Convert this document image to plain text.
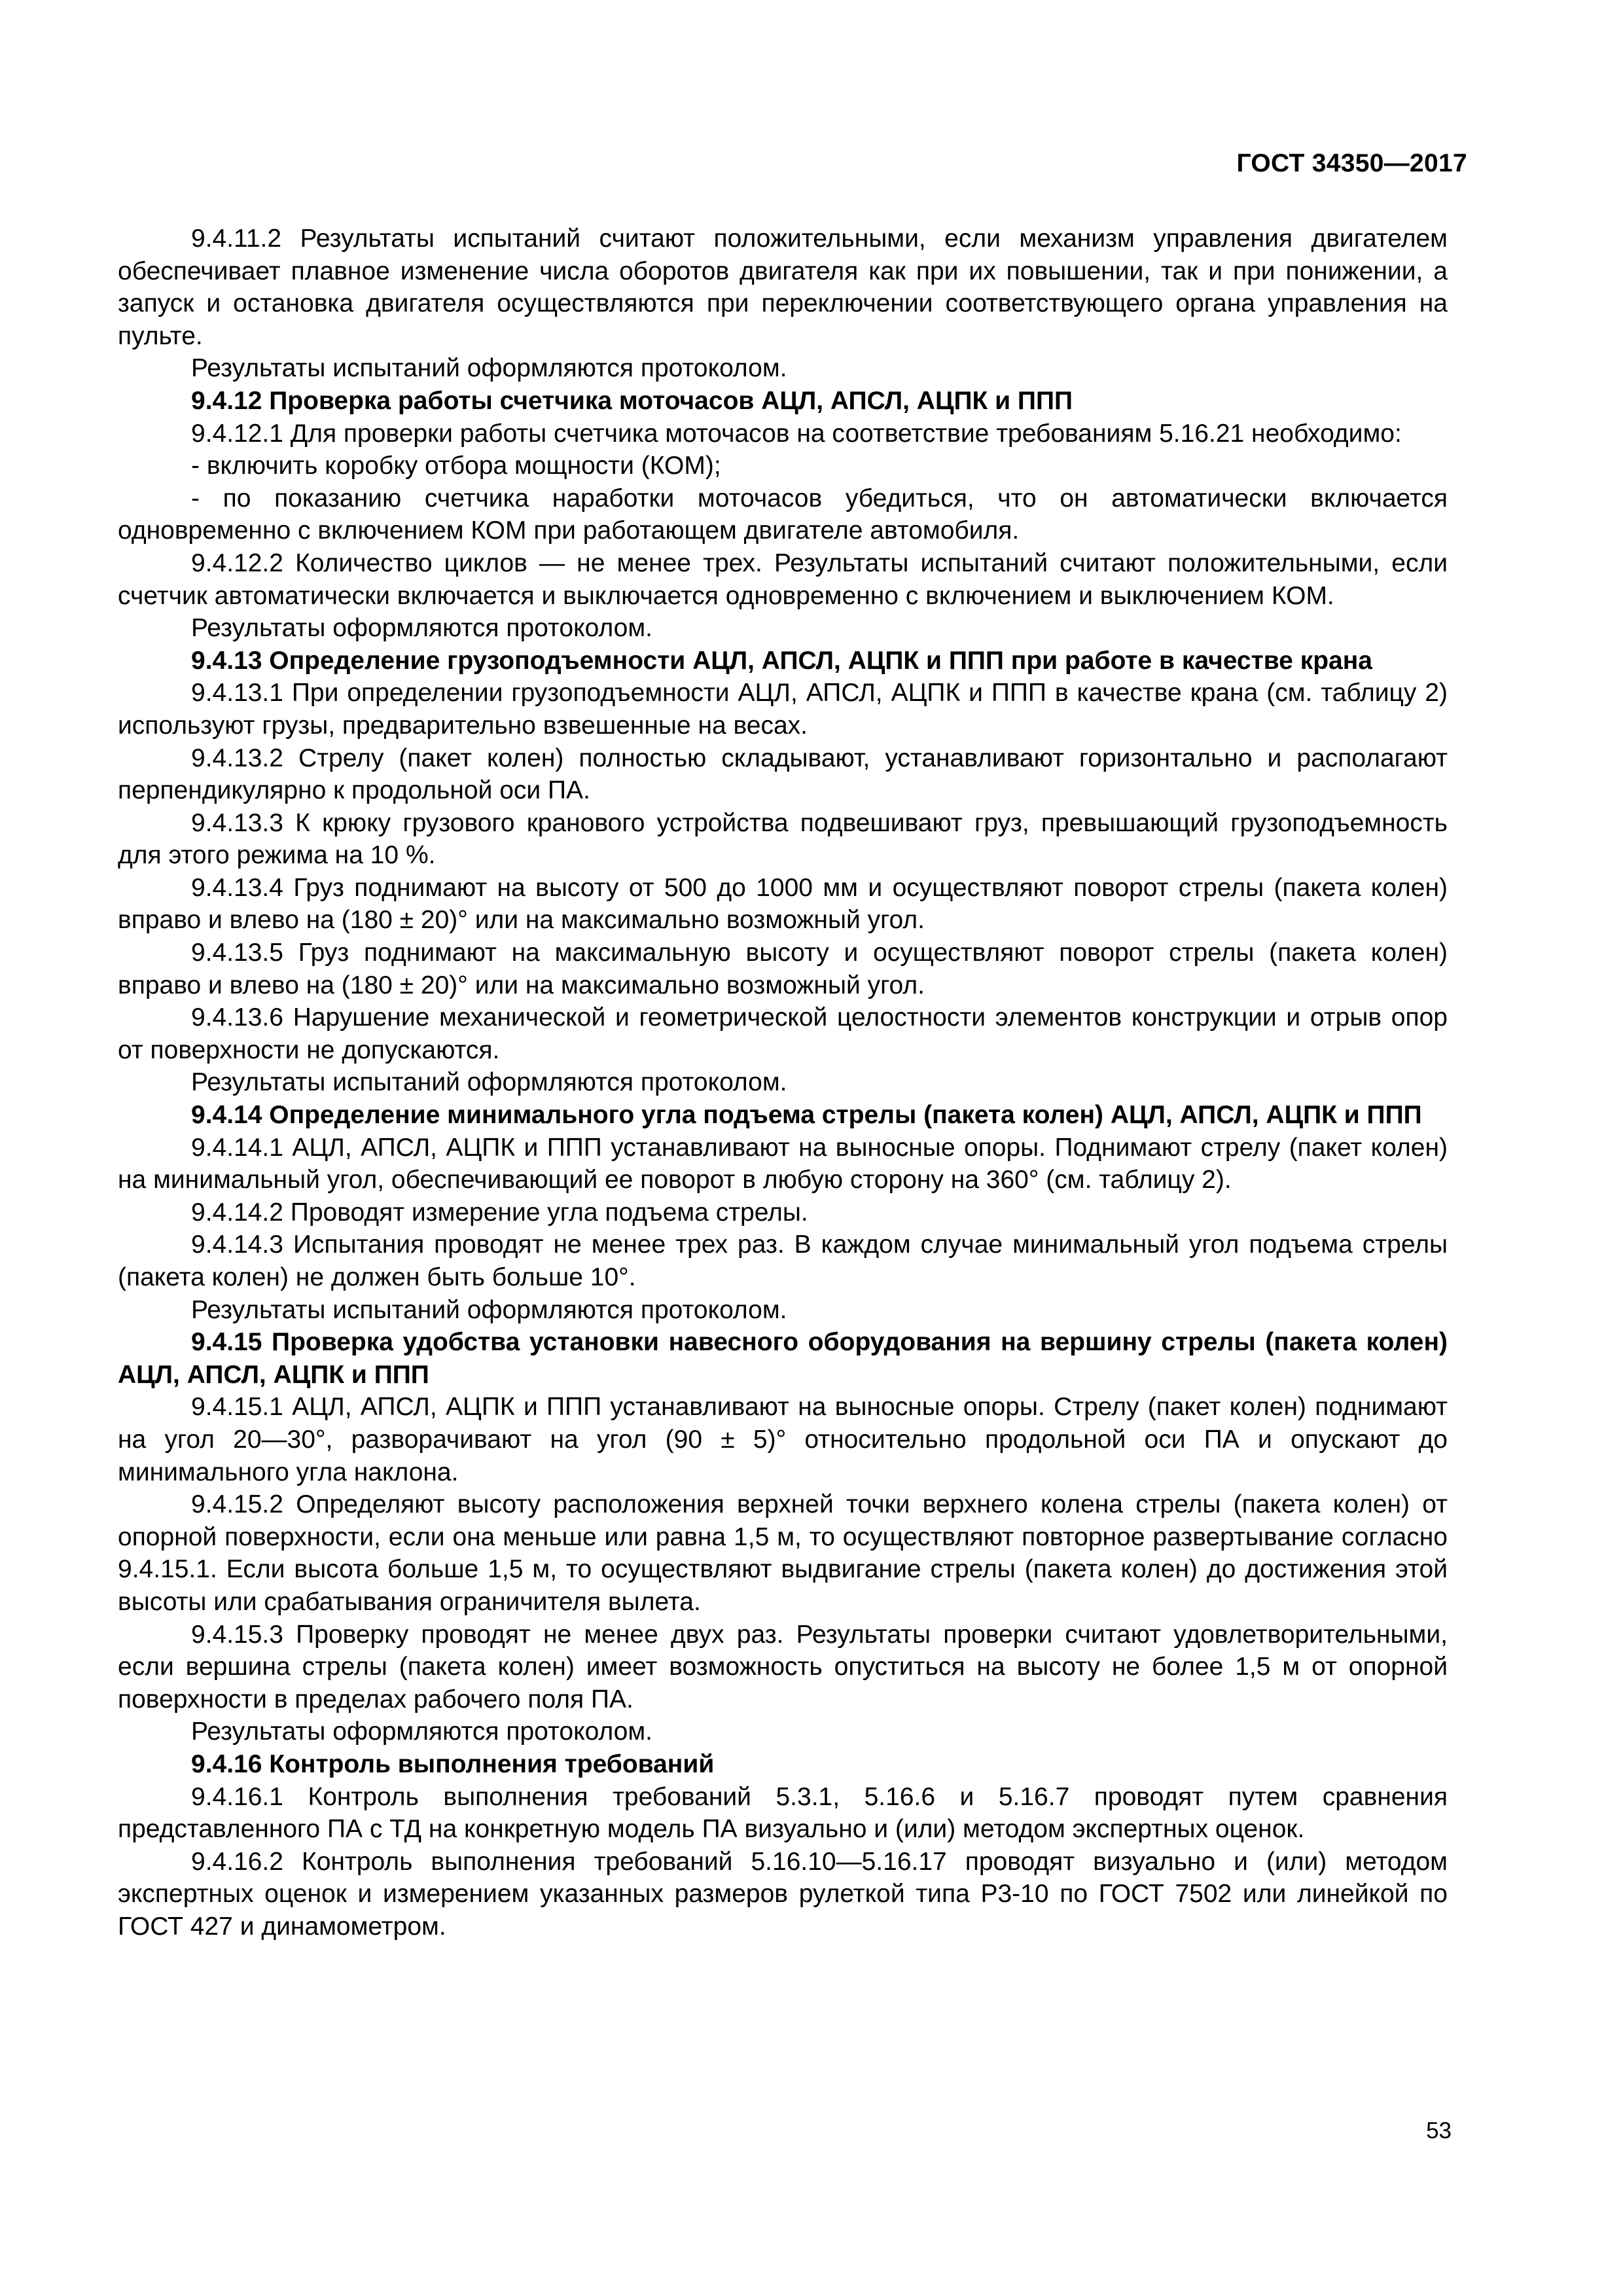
ГОСТ 34350—2017

9.4.11.2 Результаты испытаний считают положительными, если механизм управления двигателем обеспечивает плавное изменение числа оборотов двигателя как при их повышении, так и при понижении, а запуск и остановка двигателя осуществляются при переключении соответствующего органа управления на пульте.

Результаты испытаний оформляются протоколом.

9.4.12 Проверка работы счетчика моточасов АЦЛ, АПСЛ, АЦПК и ППП

9.4.12.1 Для проверки работы счетчика моточасов на соответствие требованиям 5.16.21 необходимо:

- включить коробку отбора мощности (КОМ);

- по показанию счетчика наработки моточасов убедиться, что он автоматически включается одновременно с включением КОМ при работающем двигателе автомобиля.

9.4.12.2 Количество циклов — не менее трех. Результаты испытаний считают положительными, если счетчик автоматически включается и выключается одновременно с включением и выключением КОМ.

Результаты оформляются протоколом.

9.4.13 Определение грузоподъемности АЦЛ, АПСЛ, АЦПК и ППП при работе в качестве крана

9.4.13.1 При определении грузоподъемности АЦЛ, АПСЛ, АЦПК и ППП в качестве крана (см. таблицу 2) используют грузы, предварительно взвешенные на весах.

9.4.13.2 Стрелу (пакет колен) полностью складывают, устанавливают горизонтально и располагают перпендикулярно к продольной оси ПА.

9.4.13.3 К крюку грузового кранового устройства подвешивают груз, превышающий грузоподъемность для этого режима на 10 %.

9.4.13.4 Груз поднимают на высоту от 500 до 1000 мм и осуществляют поворот стрелы (пакета колен) вправо и влево на (180 ± 20)° или на максимально возможный угол.

9.4.13.5 Груз поднимают на максимальную высоту и осуществляют поворот стрелы (пакета колен) вправо и влево на (180 ± 20)° или на максимально возможный угол.

9.4.13.6 Нарушение механической и геометрической целостности элементов конструкции и отрыв опор от поверхности не допускаются.

Результаты испытаний оформляются протоколом.

9.4.14 Определение минимального угла подъема стрелы (пакета колен) АЦЛ, АПСЛ, АЦПК и ППП

9.4.14.1 АЦЛ, АПСЛ, АЦПК и ППП устанавливают на выносные опоры. Поднимают стрелу (пакет колен) на минимальный угол, обеспечивающий ее поворот в любую сторону на 360° (см. таблицу 2).

9.4.14.2 Проводят измерение угла подъема стрелы.

9.4.14.3 Испытания проводят не менее трех раз. В каждом случае минимальный угол подъема стрелы (пакета колен) не должен быть больше 10°.

Результаты испытаний оформляются протоколом.

9.4.15 Проверка удобства установки навесного оборудования на вершину стрелы (пакета колен) АЦЛ, АПСЛ, АЦПК и ППП

9.4.15.1 АЦЛ, АПСЛ, АЦПК и ППП устанавливают на выносные опоры. Стрелу (пакет колен) поднимают на угол 20—30°, разворачивают на угол (90 ± 5)° относительно продольной оси ПА и опускают до минимального угла наклона.

9.4.15.2 Определяют высоту расположения верхней точки верхнего колена стрелы (пакета колен) от опорной поверхности, если она меньше или равна 1,5 м, то осуществляют повторное развертывание согласно 9.4.15.1. Если высота больше 1,5 м, то осуществляют выдвигание стрелы (пакета колен) до достижения этой высоты или срабатывания ограничителя вылета.

9.4.15.3 Проверку проводят не менее двух раз. Результаты проверки считают удовлетворительными, если вершина стрелы (пакета колен) имеет возможность опуститься на высоту не более 1,5 м от опорной поверхности в пределах рабочего поля ПА.

Результаты оформляются протоколом.

9.4.16 Контроль выполнения требований

9.4.16.1 Контроль выполнения требований 5.3.1, 5.16.6 и 5.16.7 проводят путем сравнения представленного ПА с ТД на конкретную модель ПА визуально и (или) методом экспертных оценок.

9.4.16.2 Контроль выполнения требований 5.16.10—5.16.17 проводят визуально и (или) методом экспертных оценок и измерением указанных размеров рулеткой типа Р3-10 по ГОСТ 7502 или линейкой по ГОСТ 427 и динамометром.

53
